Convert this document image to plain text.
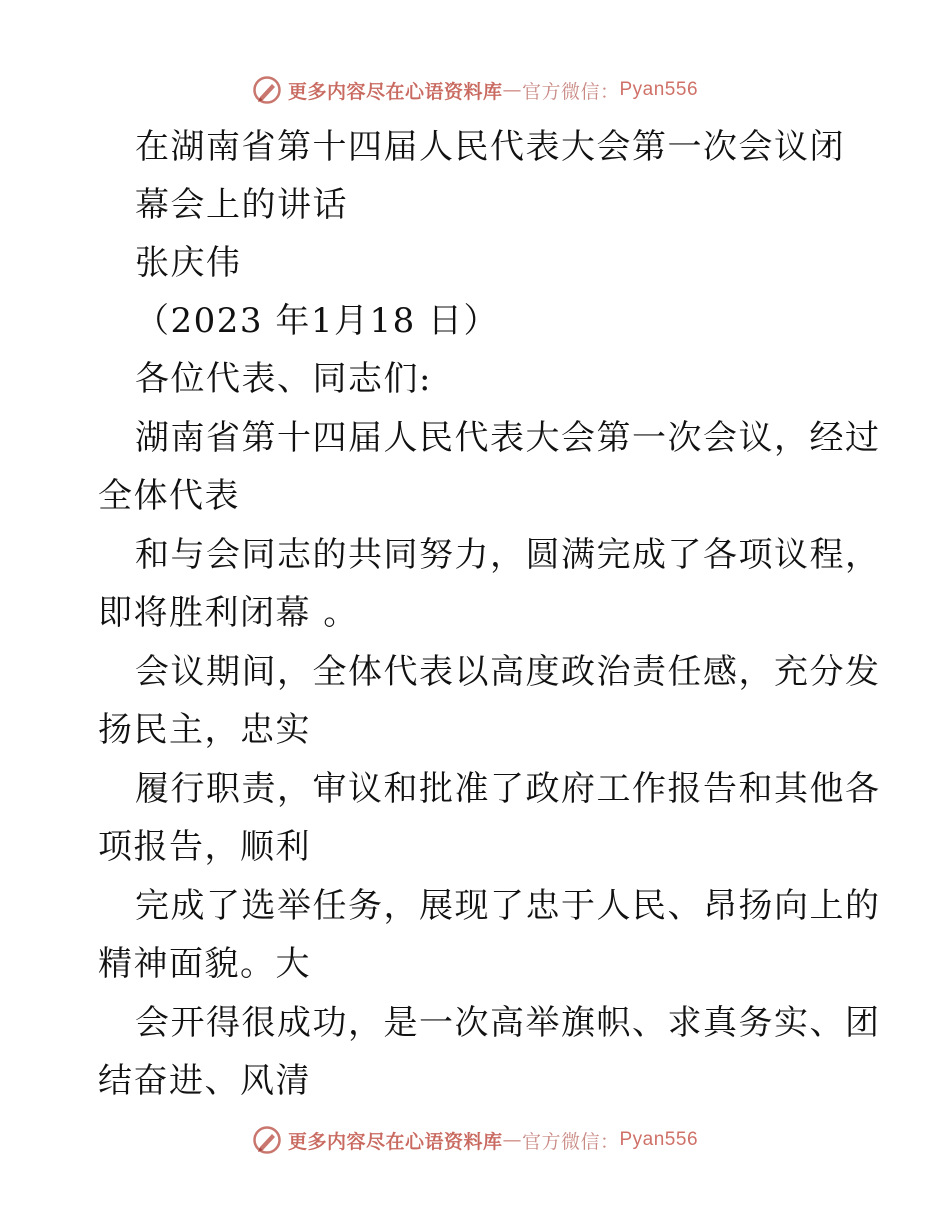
更多内容尽在心语资料库 — 官方微信： Pyan556
在湖南省第十四届人民代表大会第一次会议闭
幕会上的讲话
张庆伟
（2023 年1月18 日）
各位代表、同志们:
湖南省第十四届人民代表大会第一次会议，经过
全体代表
和与会同志的共同努力，圆满完成了各项议程，
即将胜利闭幕 。
会议期间，全体代表以高度政治责任感，充分发
扬民主，忠实
履行职责，审议和批准了政府工作报告和其他各
项报告，顺利
完成了选举任务，展现了忠于人民、昂扬向上的
精神面貌。大
会开得很成功，是一次高举旗帜、求真务实、团
结奋进、风清
更多内容尽在心语资料库 — 官方微信： Pyan556
